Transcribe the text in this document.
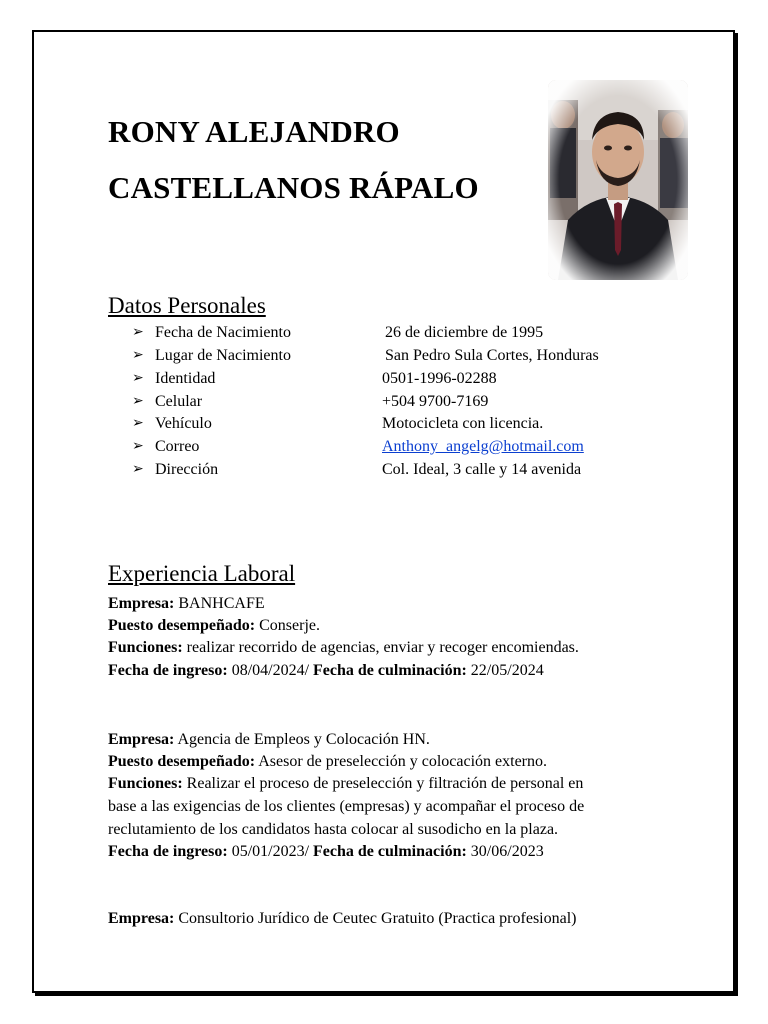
RONY ALEJANDRO
CASTELLANOS RÁPALO
Datos Personales
➢ Fecha de Nacimiento	26 de diciembre de 1995
➢ Lugar de Nacimiento	San Pedro Sula Cortes, Honduras
➢ Identidad	0501-1996-02288
➢ Celular	+504 9700-7169
➢ Vehículo	Motocicleta con licencia.
➢ Correo	Anthony_angelg@hotmail.com
➢ Dirección	Col. Ideal, 3 calle y 14 avenida
Experiencia Laboral
Empresa: BANHCAFE
Puesto desempeñado: Conserje.
Funciones: realizar recorrido de agencias, enviar y recoger encomiendas.
Fecha de ingreso: 08/04/2024/ Fecha de culminación: 22/05/2024
Empresa: Agencia de Empleos y Colocación HN.
Puesto desempeñado: Asesor de preselección y colocación externo.
Funciones: Realizar el proceso de preselección y filtración de personal en
base a las exigencias de los clientes (empresas) y acompañar el proceso de
reclutamiento de los candidatos hasta colocar al susodicho en la plaza.
Fecha de ingreso: 05/01/2023/ Fecha de culminación: 30/06/2023
Empresa: Consultorio Jurídico de Ceutec Gratuito (Practica profesional)
